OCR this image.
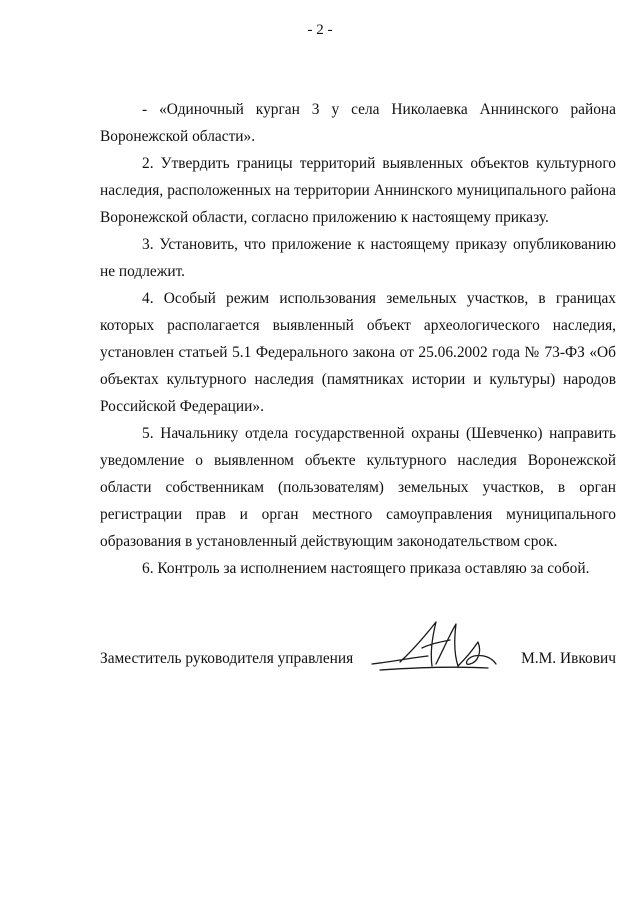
- 2 -

- «Одиночный курган 3 у села Николаевка Аннинского района Воронежской области».

2. Утвердить границы территорий выявленных объектов культурного наследия, расположенных на территории Аннинского муниципального района Воронежской области, согласно приложению к настоящему приказу.

3. Установить, что приложение к настоящему приказу опубликованию не подлежит.

4. Особый режим использования земельных участков, в границах которых располагается выявленный объект археологического наследия, установлен статьей 5.1 Федерального закона от 25.06.2002 года № 73-ФЗ «Об объектах культурного наследия (памятниках истории и культуры) народов Российской Федерации».

5. Начальнику отдела государственной охраны (Шевченко) направить уведомление о выявленном объекте культурного наследия Воронежской области собственникам (пользователям) земельных участков, в орган регистрации прав и орган местного самоуправления муниципального образования в установленный действующим законодательством срок.

6. Контроль за исполнением настоящего приказа оставляю за собой.

Заместитель руководителя управления	М.М. Ивкович
